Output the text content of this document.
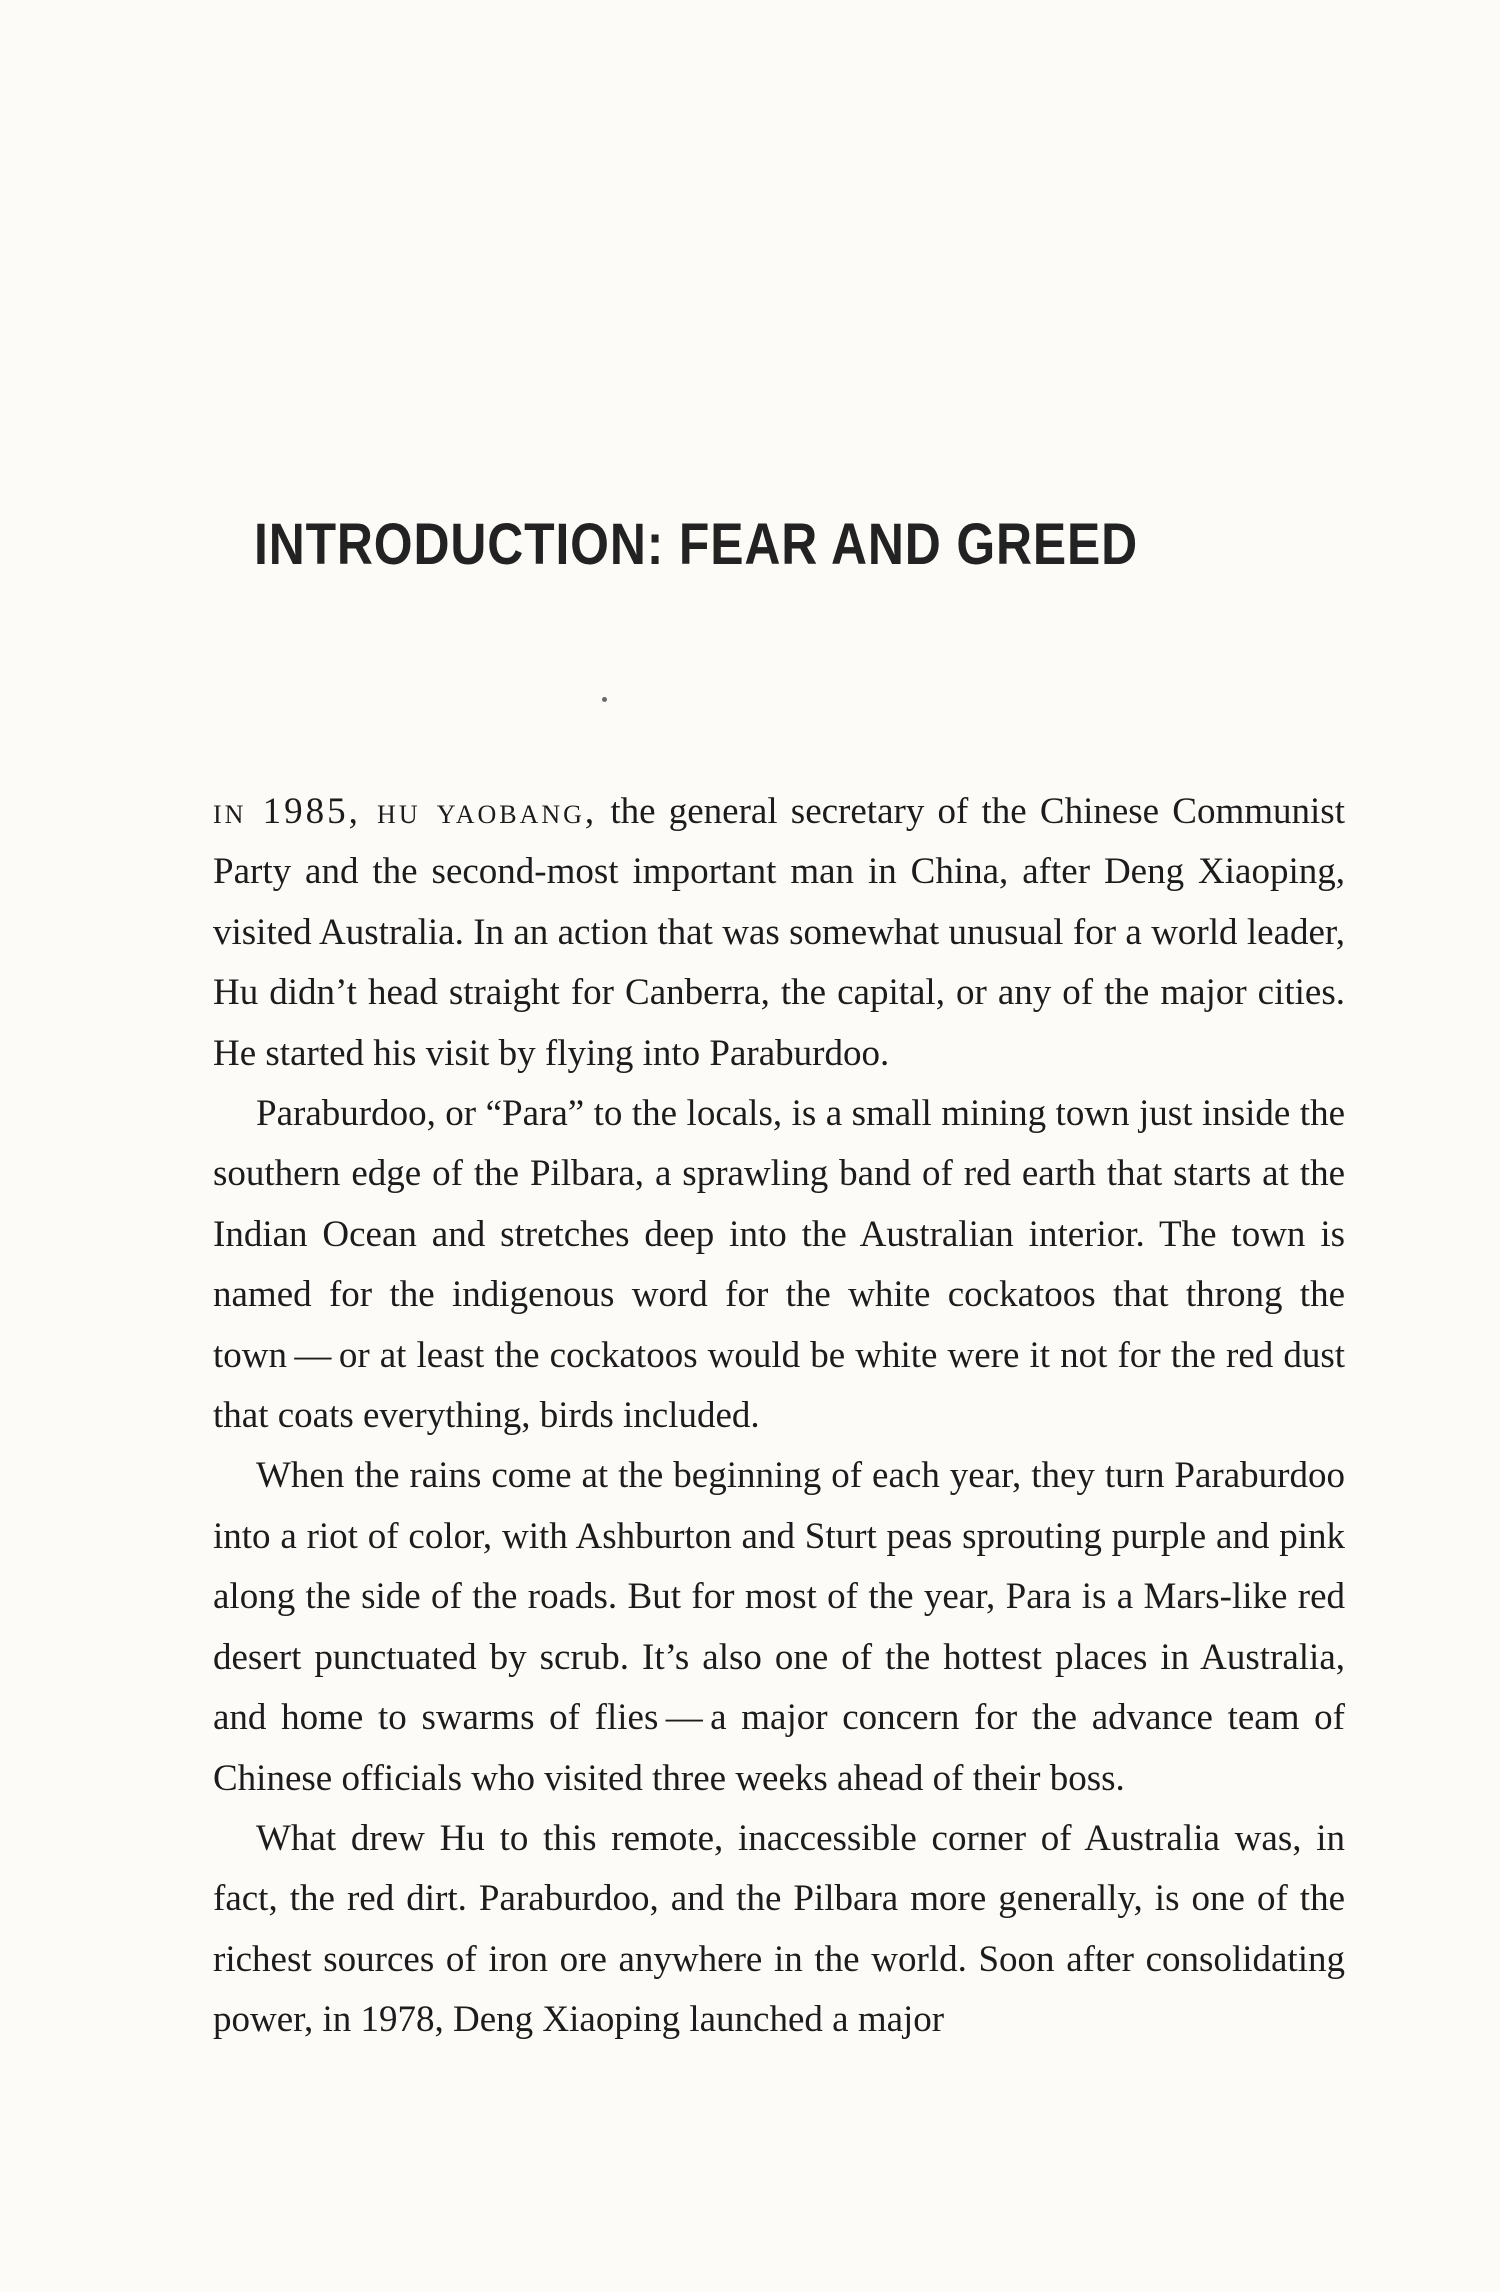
INTRODUCTION: FEAR AND GREED

in 1985, hu yaobang, the general secretary of the Chinese Communist Party and the second-most important man in China, after Deng Xiaoping, visited Australia. In an action that was somewhat unusual for a world leader, Hu didn’t head straight for Canberra, the capital, or any of the major cities. He started his visit by flying into Paraburdoo.

Paraburdoo, or “Para” to the locals, is a small mining town just inside the southern edge of the Pilbara, a sprawling band of red earth that starts at the Indian Ocean and stretches deep into the Australian interior. The town is named for the indigenous word for the white cockatoos that throng the town — or at least the cockatoos would be white were it not for the red dust that coats everything, birds included.

When the rains come at the beginning of each year, they turn Paraburdoo into a riot of color, with Ashburton and Sturt peas sprouting purple and pink along the side of the roads. But for most of the year, Para is a Mars-like red desert punctuated by scrub. It’s also one of the hottest places in Australia, and home to swarms of flies — a major concern for the advance team of Chinese officials who visited three weeks ahead of their boss.

What drew Hu to this remote, inaccessible corner of Australia was, in fact, the red dirt. Paraburdoo, and the Pilbara more generally, is one of the richest sources of iron ore anywhere in the world. Soon after consolidating power, in 1978, Deng Xiaoping launched a major
